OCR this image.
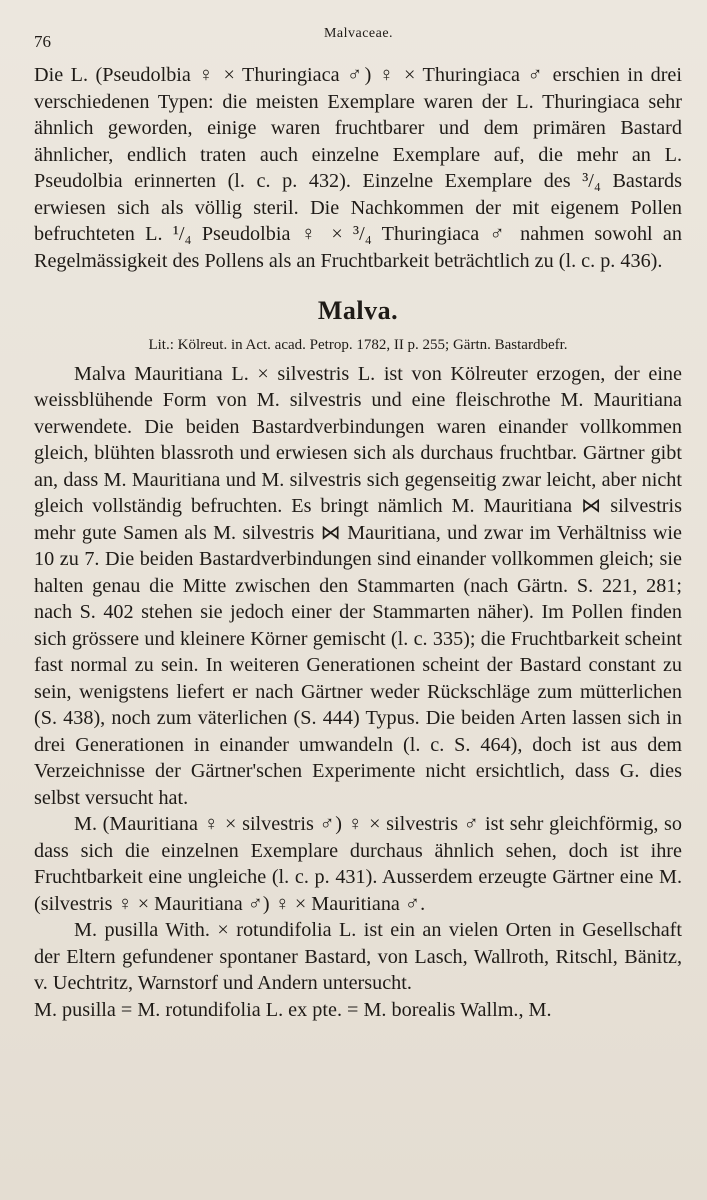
76	Malvaceae.

Die L. (Pseudolbia ♀ × Thuringiaca ♂) ♀ × Thuringiaca ♂ erschien in drei verschiedenen Typen: die meisten Exemplare waren der L. Thuringiaca sehr ähnlich geworden, einige waren fruchtbarer und dem primären Bastard ähnlicher, endlich traten auch einzelne Exemplare auf, die mehr an L. Pseudolbia erinnerten (l. c. p. 432). Einzelne Exemplare des ³/₄ Bastards erwiesen sich als völlig steril. Die Nachkommen der mit eigenem Pollen befruchteten L. ¹/₄ Pseudolbia ♀ × ³/₄ Thuringiaca ♂ nahmen sowohl an Regelmässigkeit des Pollens als an Fruchtbarkeit beträchtlich zu (l. c. p. 436).

Malva.
Lit.: Kölreut. in Act. acad. Petrop. 1782, II p. 255; Gärtn. Bastardbefr.

Malva Mauritiana L. × silvestris L. ist von Kölreuter erzogen, der eine weissblühende Form von M. silvestris und eine fleischrothe M. Mauritiana verwendete. Die beiden Bastardverbindungen waren einander vollkommen gleich, blühten blassroth und erwiesen sich als durchaus fruchtbar. Gärtner gibt an, dass M. Mauritiana und M. silvestris sich gegenseitig zwar leicht, aber nicht gleich vollständig befruchten. Es bringt nämlich M. Mauritiana ⋈ silvestris mehr gute Samen als M. silvestris ⋈ Mauritiana, und zwar im Verhältniss wie 10 zu 7. Die beiden Bastardverbindungen sind einander vollkommen gleich; sie halten genau die Mitte zwischen den Stammarten (nach Gärtn. S. 221, 281; nach S. 402 stehen sie jedoch einer der Stammarten näher). Im Pollen finden sich grössere und kleinere Körner gemischt (l. c. 335); die Fruchtbarkeit scheint fast normal zu sein. In weiteren Generationen scheint der Bastard constant zu sein, wenigstens liefert er nach Gärtner weder Rückschläge zum mütterlichen (S. 438), noch zum väterlichen (S. 444) Typus. Die beiden Arten lassen sich in drei Generationen in einander umwandeln (l. c. S. 464), doch ist aus dem Verzeichnisse der Gärtner'schen Experimente nicht ersichtlich, dass G. dies selbst versucht hat.

M. (Mauritiana ♀ × silvestris ♂) ♀ × silvestris ♂ ist sehr gleichförmig, so dass sich die einzelnen Exemplare durchaus ähnlich sehen, doch ist ihre Fruchtbarkeit eine ungleiche (l. c. p. 431). Ausserdem erzeugte Gärtner eine M. (silvestris ♀ × Mauritiana ♂) ♀ × Mauritiana ♂.

M. pusilla With. × rotundifolia L. ist ein an vielen Orten in Gesellschaft der Eltern gefundener spontaner Bastard, von Lasch, Wallroth, Ritschl, Bänitz, v. Uechtritz, Warnstorf und Andern untersucht.

M. pusilla = M. rotundifolia L. ex pte. = M. borealis Wallm., M.
